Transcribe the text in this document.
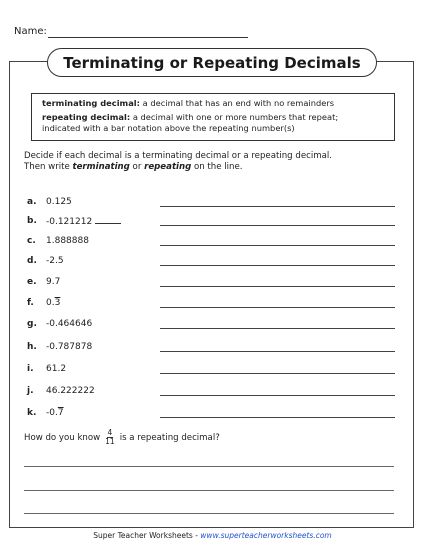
Name:
Terminating or Repeating Decimals
terminating decimal: a decimal that has an end with no remainders
repeating decimal: a decimal with one or more numbers that repeat;
indicated with a bar notation above the repeating number(s)
Decide if each decimal is a terminating decimal or a repeating decimal.
Then write terminating or repeating on the line.
a.	0.125
b.	-0.121212
c.	1.888888
d.	-2.5
e.	9.7
f.	0.3
g.	-0.464646
h.	-0.787878
i.	61.2
j.	46.222222
k.	-0.7
How do you know $\frac{4}{11}$ is a repeating decimal?
Super Teacher Worksheets - www.superteacherworksheets.com
